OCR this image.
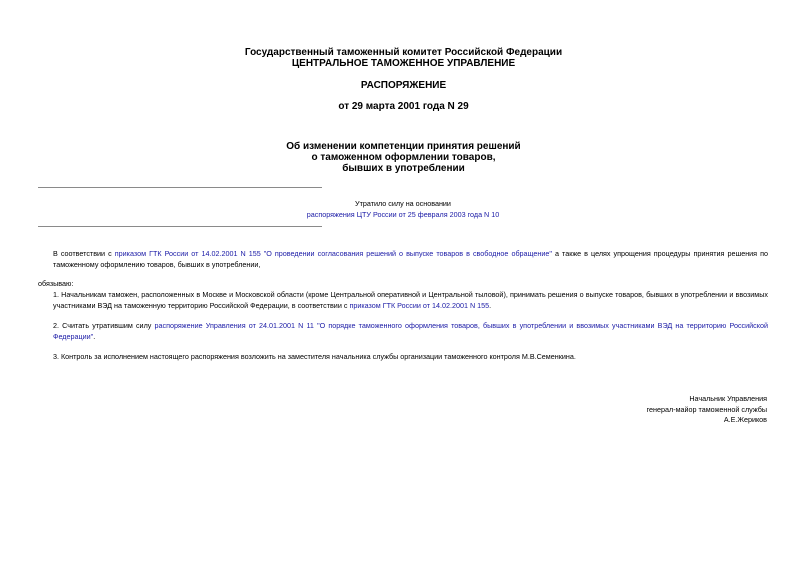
Государственный таможенный комитет Российской Федерации
ЦЕНТРАЛЬНОЕ ТАМОЖЕННОЕ УПРАВЛЕНИЕ
РАСПОРЯЖЕНИЕ
от 29 марта 2001 года N 29
Об изменении компетенции принятия решений
о таможенном оформлении товаров,
бывших в употреблении
Утратило силу на основании
распоряжения ЦТУ России от 25 февраля 2003 года N 10
В соответствии с приказом ГТК России от 14.02.2001 N 155 "О проведении согласования решений о выпуске товаров в свободное обращение" а также в целях упрощения процедуры принятия решения по таможенному оформлению товаров, бывших в употреблении,
обязываю:
1. Начальникам таможен, расположенных в Москве и Московской области (кроме Центральной оперативной и Центральной тыловой), принимать решения о выпуске товаров, бывших в употреблении и ввозимых участниками ВЭД на таможенную территорию Российской Федерации, в соответствии с приказом ГТК России от 14.02.2001 N 155.
2. Считать утратившим силу распоряжение Управления от 24.01.2001 N 11 "О порядке таможенного оформления товаров, бывших в употреблении и ввозимых участниками ВЭД на территорию Российской Федерации".
3. Контроль за исполнением настоящего распоряжения возложить на заместителя начальника службы организации таможенного контроля М.В.Семенкина.
Начальник Управления
генерал-майор таможенной службы
А.Е.Жериков
